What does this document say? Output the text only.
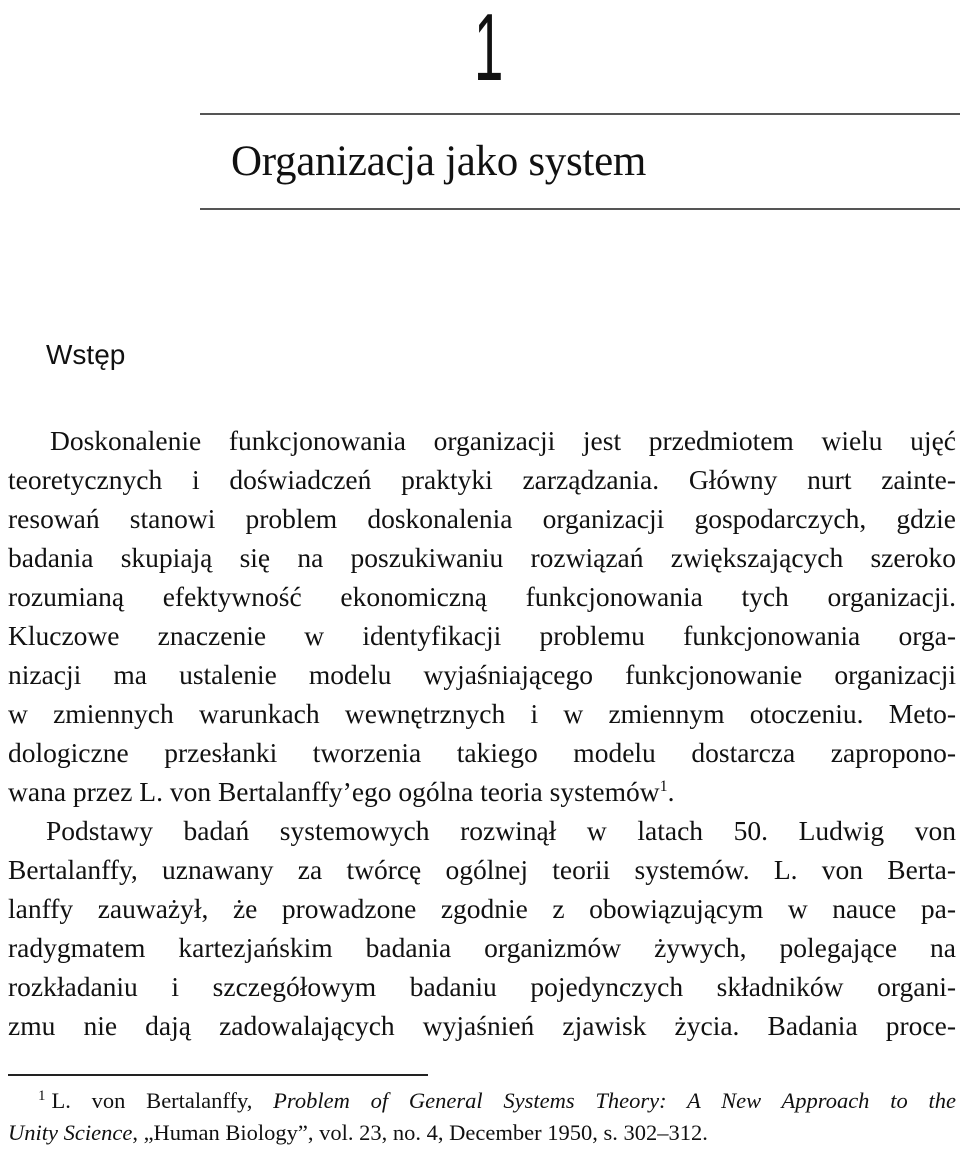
1
Organizacja jako system
Wstęp
Doskonalenie funkcjonowania organizacji jest przedmiotem wielu ujęć
teoretycznych i doświadczeń praktyki zarządzania. Główny nurt zainte-
resowań stanowi problem doskonalenia organizacji gospodarczych, gdzie
badania skupiają się na poszukiwaniu rozwiązań zwiększających szeroko
rozumianą efektywność ekonomiczną funkcjonowania tych organizacji.
Kluczowe znaczenie w identyfikacji problemu funkcjonowania orga-
nizacji ma ustalenie modelu wyjaśniającego funkcjonowanie organizacji
w zmiennych warunkach wewnętrznych i w zmiennym otoczeniu. Meto-
dologiczne przesłanki tworzenia takiego modelu dostarcza zapropono-
wana przez L. von Bertalanffy’ego ogólna teoria systemów$^1$.
Podstawy badań systemowych rozwinął w latach 50. Ludwig von
Bertalanffy, uznawany za twórcę ogólnej teorii systemów. L. von Berta-
lanffy zauważył, że prowadzone zgodnie z obowiązującym w nauce pa-
radygmatem kartezjańskim badania organizmów żywych, polegające na
rozkładaniu i szczegółowym badaniu pojedynczych składników organi-
zmu nie dają zadowalających wyjaśnień zjawisk życia. Badania proce-
$^1$ L. von Bertalanffy, Problem of General Systems Theory: A New Approach to the
Unity Science, „Human Biology”, vol. 23, no. 4, December 1950, s. 302–312.
